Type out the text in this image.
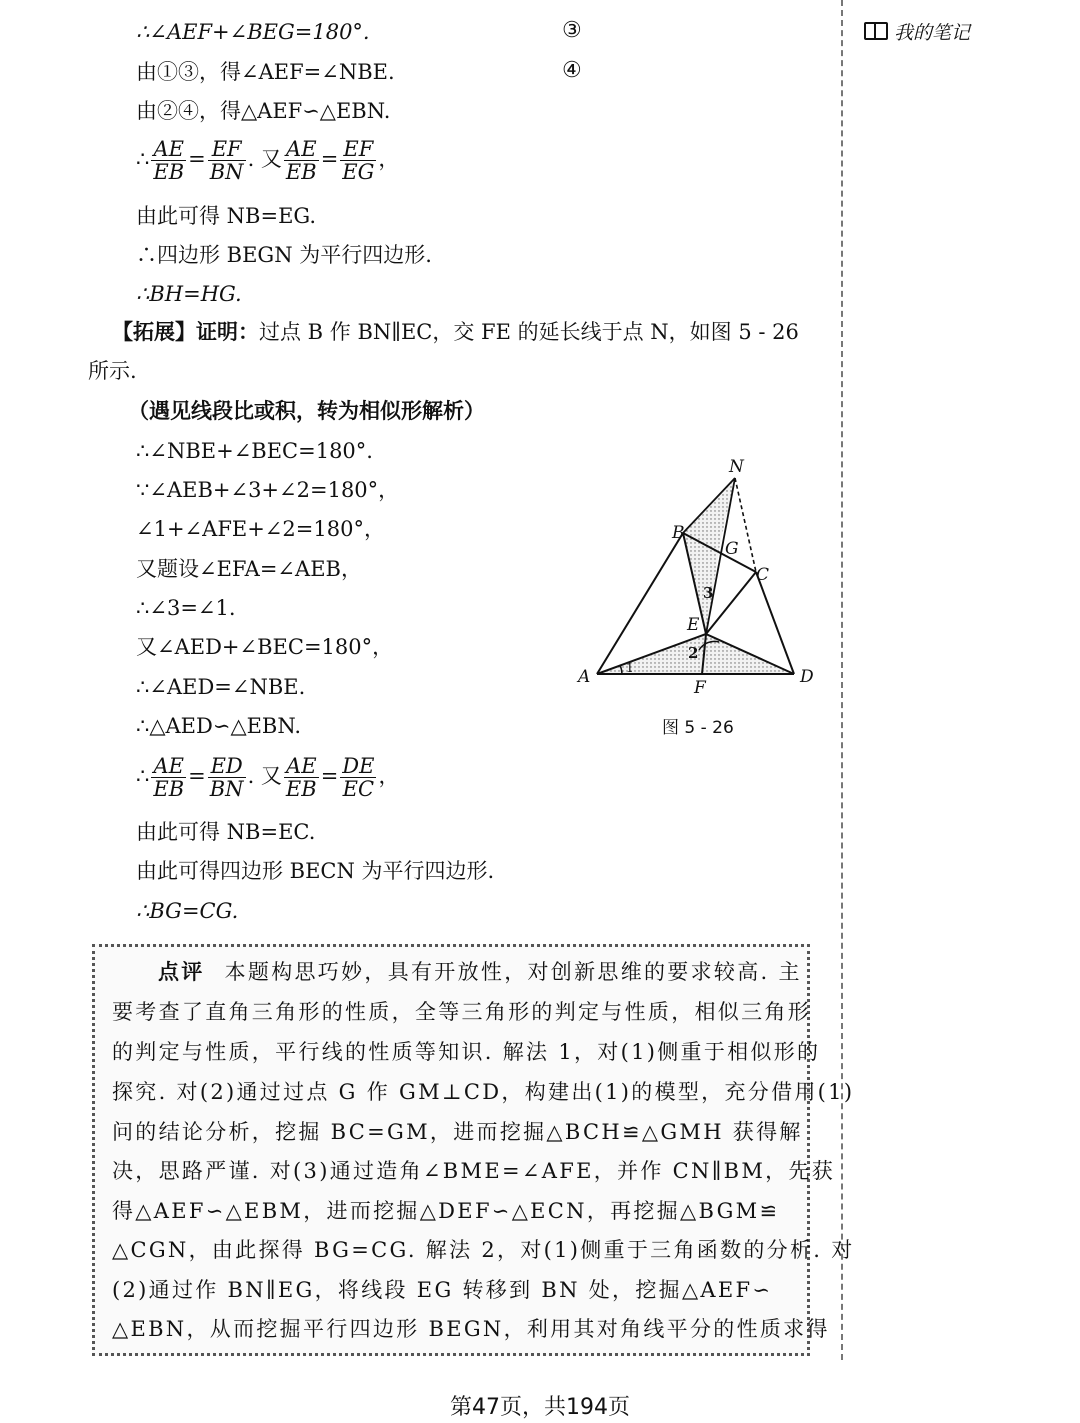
我的笔记
∴∠AEF+∠BEG=180°.	③
由①③，得∠AEF=∠NBE.	④
由②④，得△AEF∽△EBN.
∴ $\frac{AE}{EB} = \frac{EF}{BN}$ . 又 $\frac{AE}{EB} = \frac{EF}{EG}$ ，
由此可得 NB=EG.
∴四边形 BEGN 为平行四边形.
∴BH=HG.
【拓展】证明：过点 B 作 BN∥EC，交 FE 的延长线于点 N，如图 5 - 26
所示.
（遇见线段比或积，转为相似形解析）
∴∠NBE+∠BEC=180°.
∵∠AEB+∠3+∠2=180°，
∠1+∠AFE+∠2=180°，
又题设∠EFA=∠AEB，
∴∠3=∠1.
又∠AED+∠BEC=180°，
∴∠AED=∠NBE.
∴△AED∽△EBN.
∴ $\frac{AE}{EB} = \frac{ED}{BN}$ . 又 $\frac{AE}{EB} = \frac{DE}{EC}$ ，
由此可得 NB=EC.
由此可得四边形 BECN 为平行四边形.
∴BG=CG.
N
B
G
C
E
A
F
D
3
2
1
图 5 - 26
点评 本题构思巧妙，具有开放性，对创新思维的要求较高. 主
要考查了直角三角形的性质，全等三角形的判定与性质，相似三角形
的判定与性质，平行线的性质等知识. 解法 1，对(1)侧重于相似形的
探究. 对(2)通过过点 G 作 GM⊥CD，构建出(1)的模型，充分借用(1)
问的结论分析，挖掘 BC=GM，进而挖掘△BCH≌△GMH 获得解
决，思路严谨. 对(3)通过造角∠BME=∠AFE，并作 CN∥BM，先获
得△AEF∽△EBM，进而挖掘△DEF∽△ECN，再挖掘△BGM≌
△CGN，由此探得 BG=CG. 解法 2，对(1)侧重于三角函数的分析. 对
(2)通过作 BN∥EG，将线段 EG 转移到 BN 处，挖掘△AEF∽
△EBN，从而挖掘平行四边形 BEGN，利用其对角线平分的性质求得
第47页，共194页
